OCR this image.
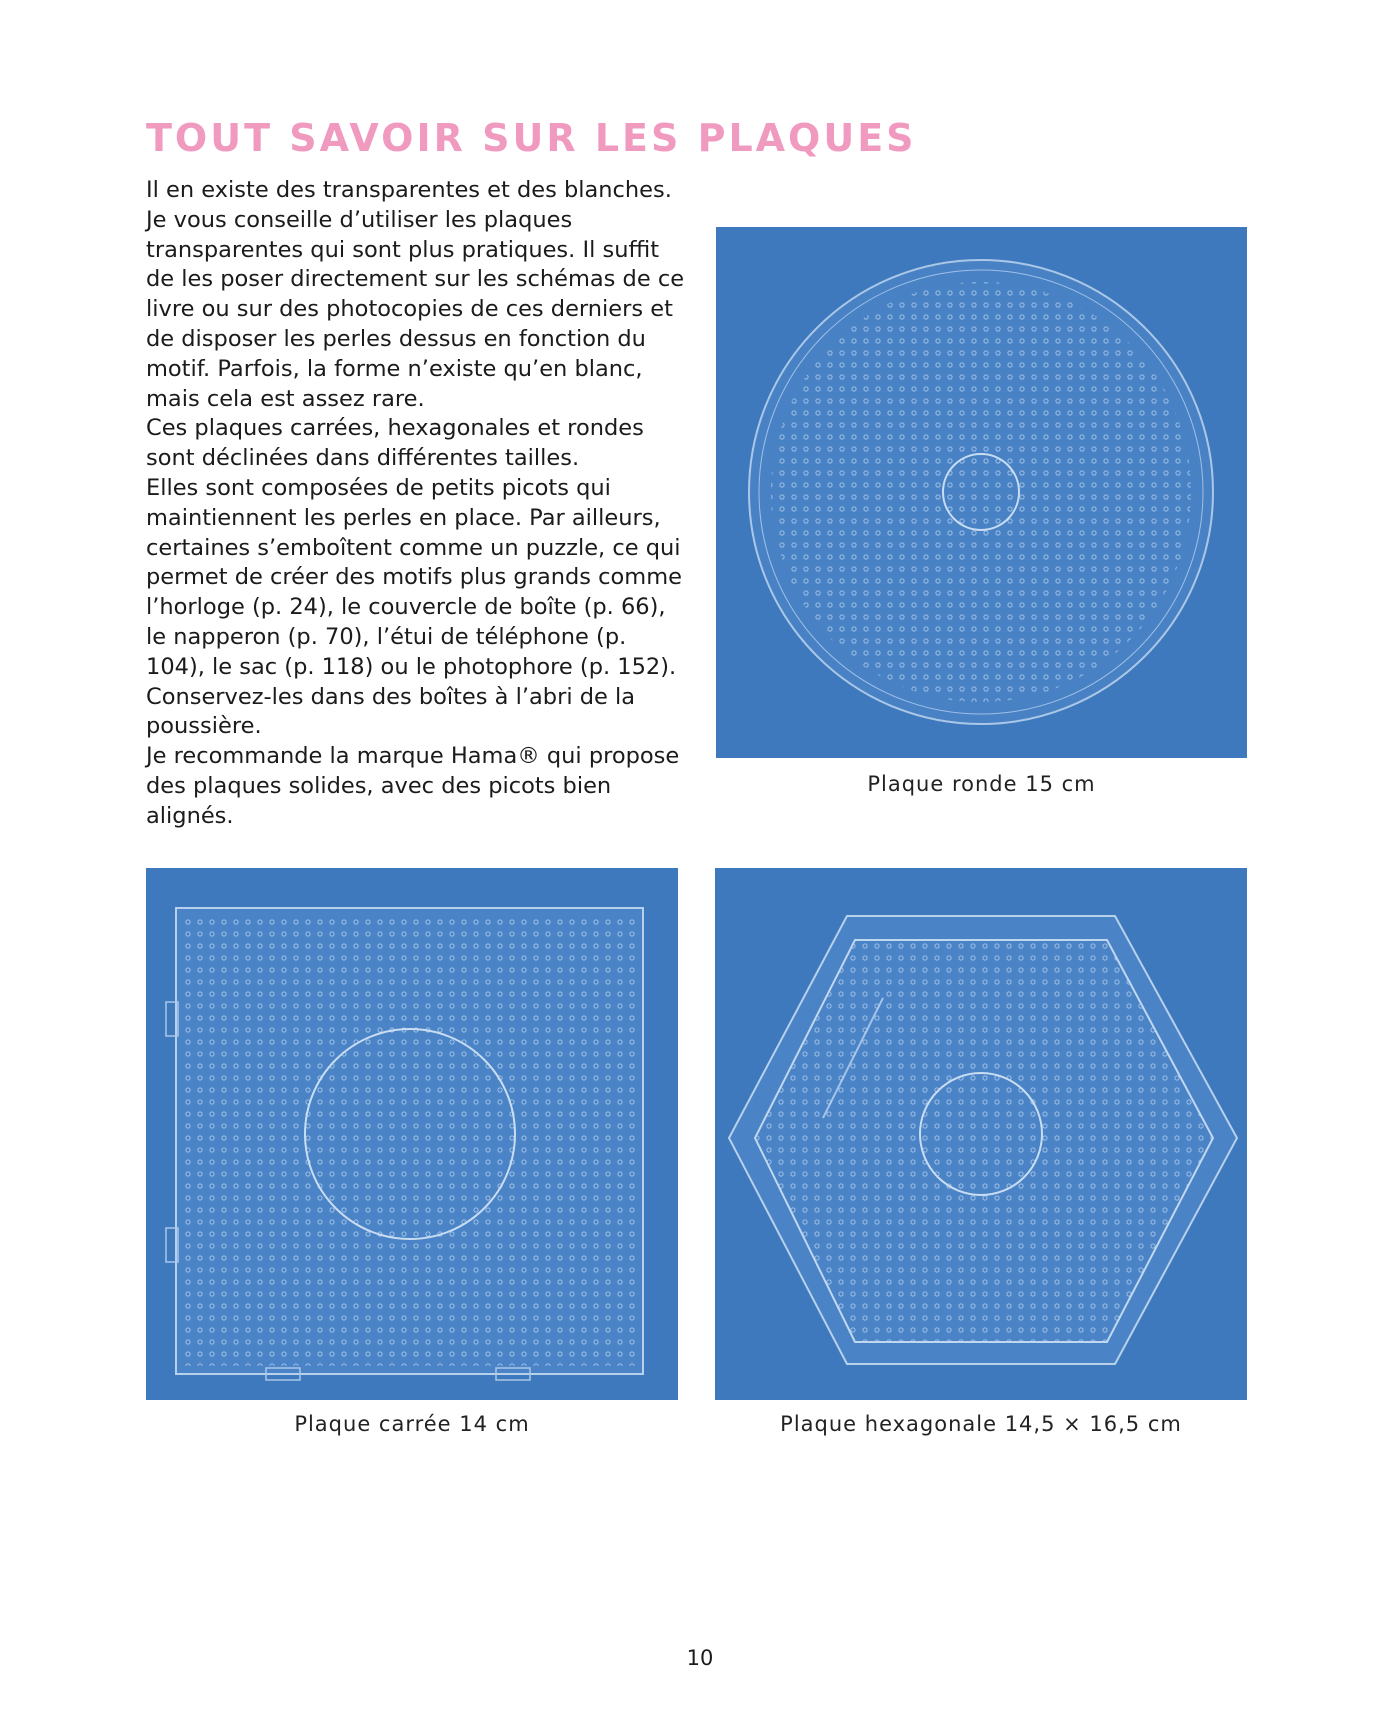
TOUT SAVOIR SUR LES PLAQUES

Il en existe des transparentes et des blanches. Je vous conseille d’utiliser les plaques transparentes qui sont plus pratiques. Il suffit de les poser directement sur les schémas de ce livre ou sur des photocopies de ces derniers et de disposer les perles dessus en fonction du motif. Parfois, la forme n’existe qu’en blanc, mais cela est assez rare.

Ces plaques carrées, hexagonales et rondes sont déclinées dans différentes tailles.

Elles sont composées de petits picots qui maintiennent les perles en place. Par ailleurs, certaines s’emboîtent comme un puzzle, ce qui permet de créer des motifs plus grands comme l’horloge (p. 24), le couvercle de boîte (p. 66), le napperon (p. 70), l’étui de téléphone (p. 104), le sac (p. 118) ou le photophore (p. 152). Conservez-les dans des boîtes à l’abri de la poussière.

Je recommande la marque Hama® qui propose des plaques solides, avec des picots bien alignés.

Plaque ronde 15 cm
Plaque carrée 14 cm	Plaque hexagonale 14,5 × 16,5 cm
10
